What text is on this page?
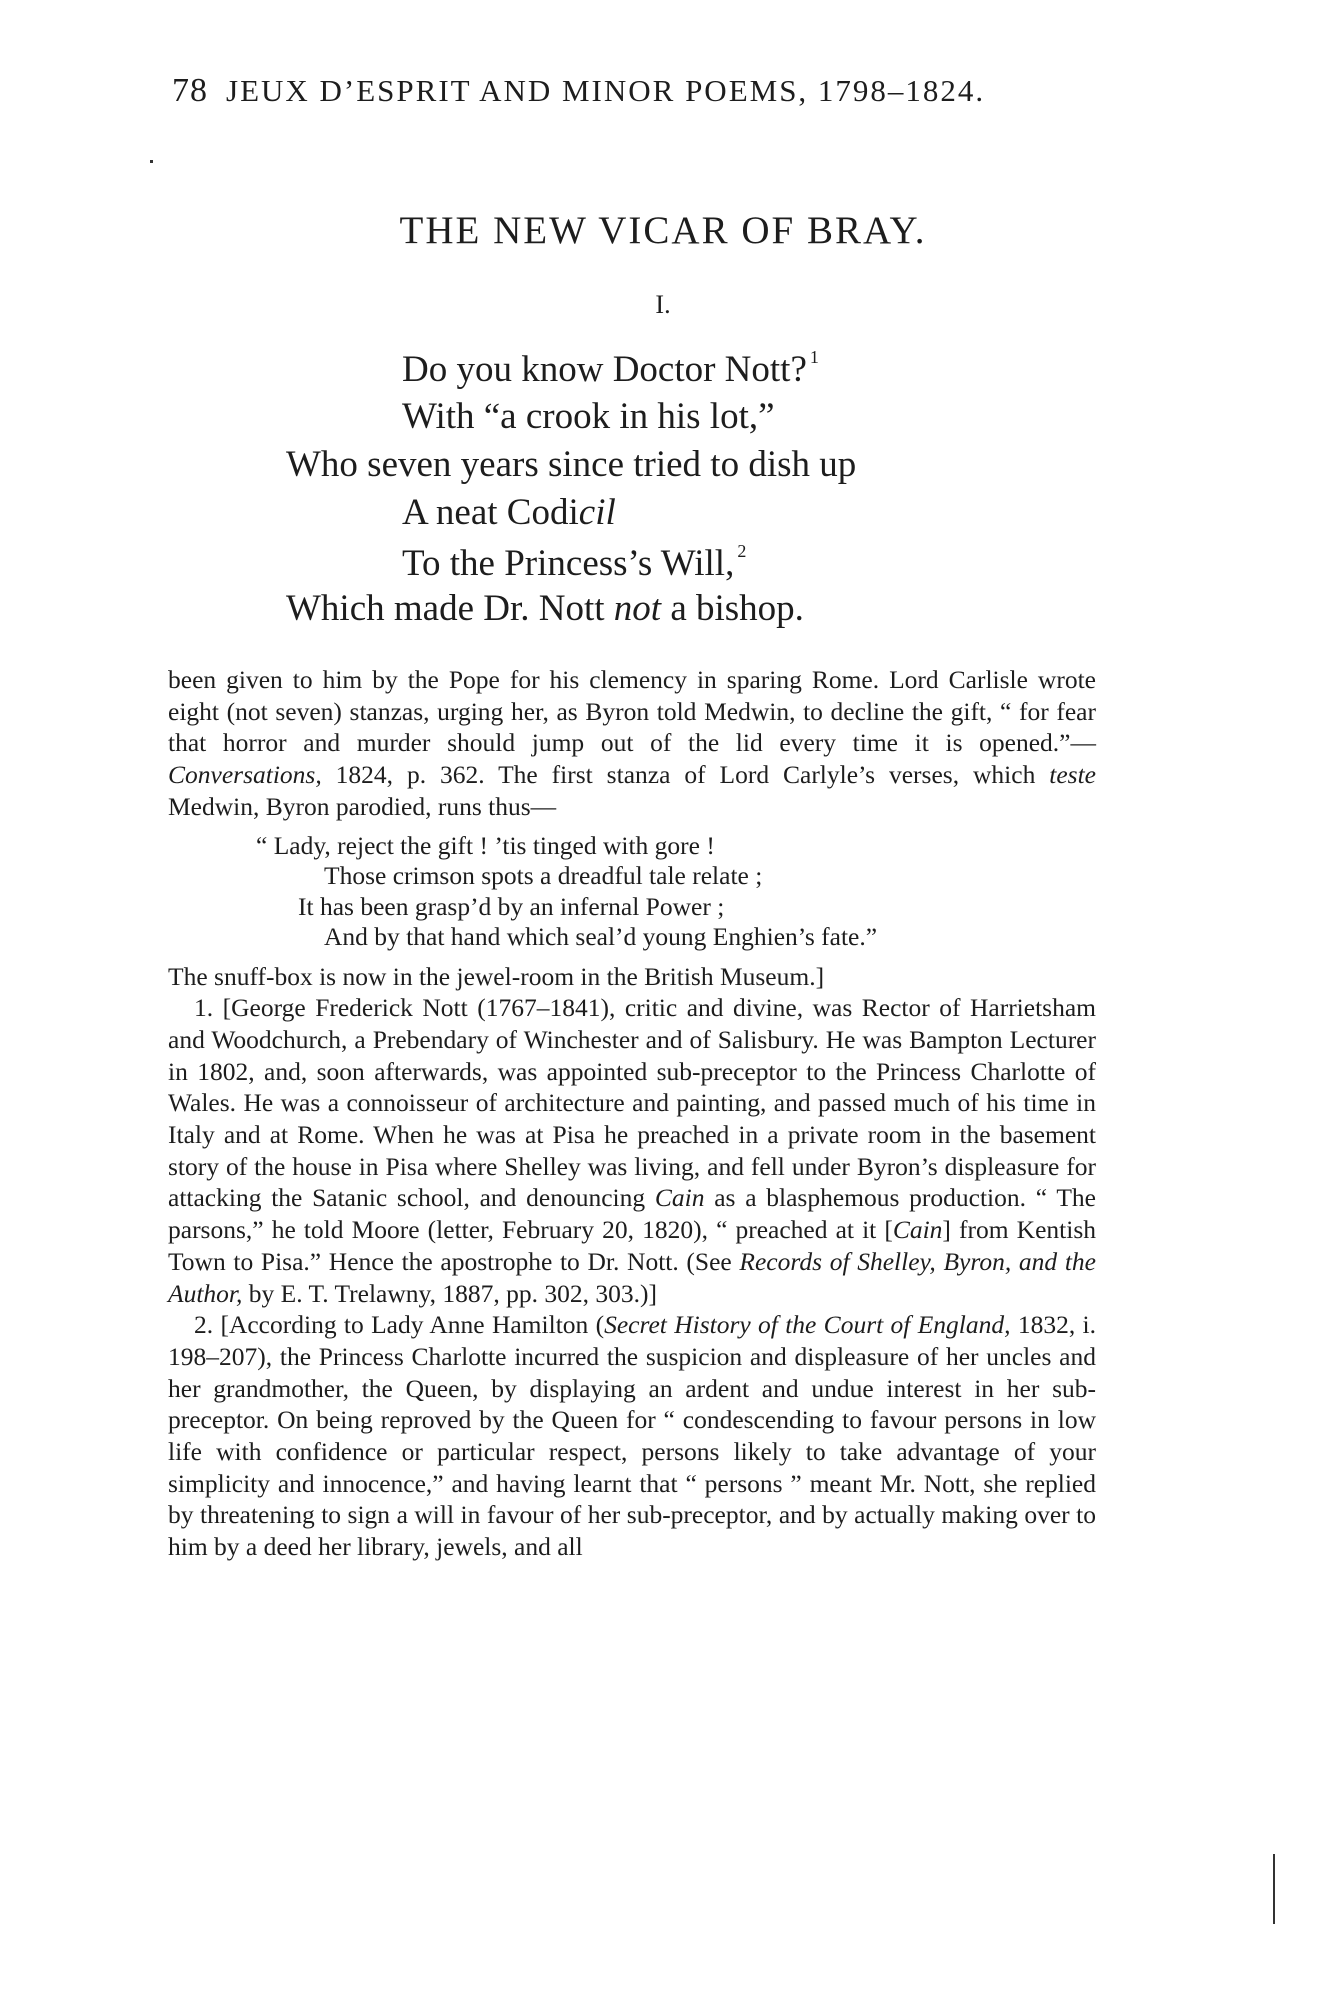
78 JEUX D’ESPRIT AND MINOR POEMS, 1798–1824.
THE NEW VICAR OF BRAY.
I.
Do you know Doctor Nott? $^1$
With “a crook in his lot,”
Who seven years since tried to dish up
A neat Codicil
To the Princess’s Will, $^2$
Which made Dr. Nott not a bishop.

been given to him by the Pope for his clemency in sparing Rome. Lord Carlisle wrote eight (not seven) stanzas, urging her, as Byron told Medwin, to decline the gift, “ for fear that horror and murder should jump out of the lid every time it is opened.”—Conversations, 1824, p. 362. The first stanza of Lord Carlyle’s verses, which teste Medwin, Byron parodied, runs thus—

“ Lady, reject the gift ! ’tis tinged with gore !
Those crimson spots a dreadful tale relate ;
It has been grasp’d by an infernal Power ;
And by that hand which seal’d young Enghien’s fate.”

The snuff-box is now in the jewel-room in the British Museum.]

1. [George Frederick Nott (1767–1841), critic and divine, was Rector of Harrietsham and Woodchurch, a Prebendary of Winchester and of Salisbury. He was Bampton Lecturer in 1802, and, soon afterwards, was appointed sub-preceptor to the Princess Charlotte of Wales. He was a connoisseur of architecture and painting, and passed much of his time in Italy and at Rome. When he was at Pisa he preached in a private room in the basement story of the house in Pisa where Shelley was living, and fell under Byron’s displeasure for attacking the Satanic school, and denouncing Cain as a blasphemous production. “ The parsons,” he told Moore (letter, February 20, 1820), “ preached at it [Cain] from Kentish Town to Pisa.” Hence the apostrophe to Dr. Nott. (See Records of Shelley, Byron, and the Author, by E. T. Trelawny, 1887, pp. 302, 303.)]

2. [According to Lady Anne Hamilton (Secret History of the Court of England, 1832, i. 198–207), the Princess Charlotte incurred the suspicion and displeasure of her uncles and her grandmother, the Queen, by displaying an ardent and undue interest in her sub-preceptor. On being reproved by the Queen for “ condescending to favour persons in low life with confidence or particular respect, persons likely to take advantage of your simplicity and innocence,” and having learnt that “ persons ” meant Mr. Nott, she replied by threatening to sign a will in favour of her sub-preceptor, and by actually making over to him by a deed her library, jewels, and all
